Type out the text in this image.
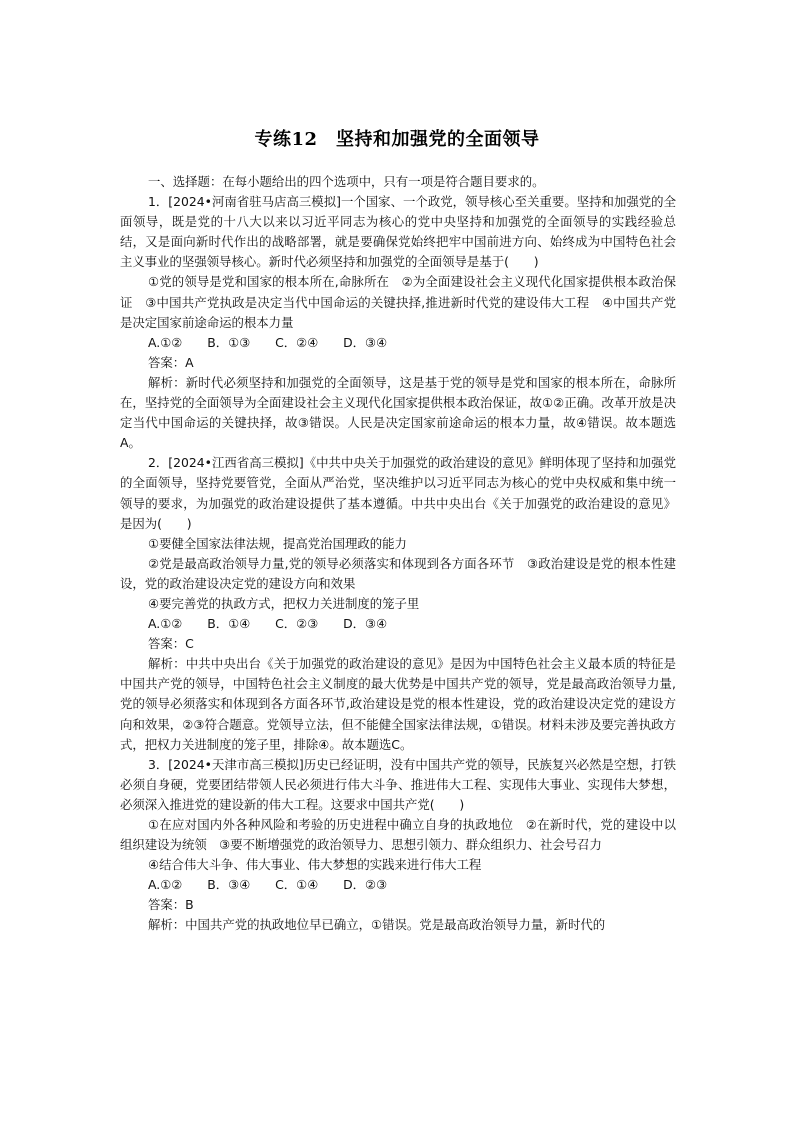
专练12　坚持和加强党的全面领导

一、选择题：在每小题给出的四个选项中，只有一项是符合题目要求的。

1．[2024•河南省驻马店高三模拟]一个国家、一个政党，领导核心至关重要。坚持和加强党的全面领导，既是党的十八大以来以习近平同志为核心的党中央坚持和加强党的全面领导的实践经验总结，又是面向新时代作出的战略部署，就是要确保党始终把牢中国前进方向、始终成为中国特色社会主义事业的坚强领导核心。新时代必须坚持和加强党的全面领导是基于(　　)

①党的领导是党和国家的根本所在,命脉所在　②为全面建设社会主义现代化国家提供根本政治保证　③中国共产党执政是决定当代中国命运的关键抉择,推进新时代党的建设伟大工程　④中国共产党是决定国家前途命运的根本力量

A.①②　　B．①③　　C．②④　　D．③④

答案：A

解析：新时代必须坚持和加强党的全面领导，这是基于党的领导是党和国家的根本所在，命脉所在，坚持党的全面领导为全面建设社会主义现代化国家提供根本政治保证，故①②正确。改革开放是决定当代中国命运的关键抉择，故③错误。人民是决定国家前途命运的根本力量，故④错误。故本题选A。

2．[2024•江西省高三模拟]《中共中央关于加强党的政治建设的意见》鲜明体现了坚持和加强党的全面领导，坚持党要管党，全面从严治党，坚决维护以习近平同志为核心的党中央权威和集中统一领导的要求，为加强党的政治建设提供了基本遵循。中共中央出台《关于加强党的政治建设的意见》是因为(　　)

①要健全国家法律法规，提高党治国理政的能力

②党是最高政治领导力量,党的领导必须落实和体现到各方面各环节　③政治建设是党的根本性建设，党的政治建设决定党的建设方向和效果

④要完善党的执政方式，把权力关进制度的笼子里

A.①②　　B．①④　　C．②③　　D．③④

答案：C

解析：中共中央出台《关于加强党的政治建设的意见》是因为中国特色社会主义最本质的特征是中国共产党的领导，中国特色社会主义制度的最大优势是中国共产党的领导，党是最高政治领导力量,党的领导必须落实和体现到各方面各环节,政治建设是党的根本性建设，党的政治建设决定党的建设方向和效果，②③符合题意。党领导立法，但不能健全国家法律法规，①错误。材料未涉及要完善执政方式，把权力关进制度的笼子里，排除④。故本题选C。

3．[2024•天津市高三模拟]历史已经证明，没有中国共产党的领导，民族复兴必然是空想，打铁必须自身硬，党要团结带领人民必须进行伟大斗争、推进伟大工程、实现伟大事业、实现伟大梦想，必须深入推进党的建设新的伟大工程。这要求中国共产党(　　)

①在应对国内外各种风险和考验的历史进程中确立自身的执政地位　②在新时代，党的建设中以组织建设为统领　③要不断增强党的政治领导力、思想引领力、群众组织力、社会号召力

④结合伟大斗争、伟大事业、伟大梦想的实践来进行伟大工程

A.①②　　B．③④　　C．①④　　D．②③

答案：B

解析：中国共产党的执政地位早已确立，①错误。党是最高政治领导力量，新时代的
